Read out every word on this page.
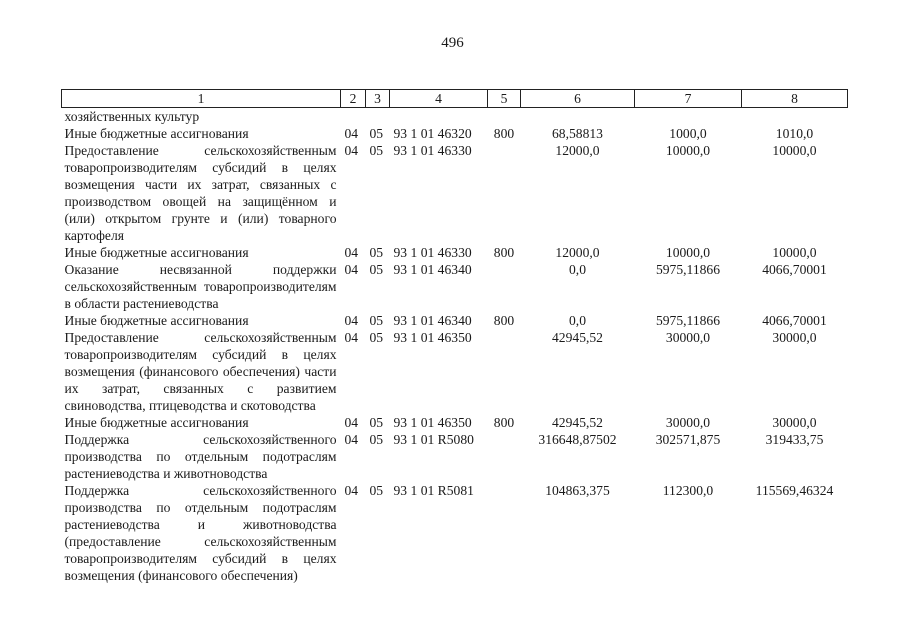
496
1	2	3	4	5	6	7	8
хозяйственных культур							
Иные бюджетные ассигнования	04	05	93 1 01 46320	800	68,58813	1000,0	1010,0
Предоставление сельскохозяйственным товаропроизводителям субсидий в целях возмещения части их затрат, связанных с производством овощей на защищённом и (или) открытом грунте и (или) товарного картофеля	04	05	93 1 01 46330		12000,0	10000,0	10000,0
Иные бюджетные ассигнования	04	05	93 1 01 46330	800	12000,0	10000,0	10000,0
Оказание несвязанной поддержки сельскохозяйственным товаропроизводителям в области растениеводства	04	05	93 1 01 46340		0,0	5975,11866	4066,70001
Иные бюджетные ассигнования	04	05	93 1 01 46340	800	0,0	5975,11866	4066,70001
Предоставление сельскохозяйственным товаропроизводителям субсидий в целях возмещения (финансового обеспечения) части их затрат, связанных с развитием свиноводства, птицеводства и скотоводства	04	05	93 1 01 46350		42945,52	30000,0	30000,0
Иные бюджетные ассигнования	04	05	93 1 01 46350	800	42945,52	30000,0	30000,0
Поддержка сельскохозяйственного производства по отдельным подотраслям растениеводства и животноводства	04	05	93 1 01 R5080		316648,87502	302571,875	319433,75
Поддержка сельскохозяйственного производства по отдельным подотраслям растениеводства и животноводства (предоставление сельскохозяйственным товаропроизводителям субсидий в целях возмещения (финансового обеспечения)	04	05	93 1 01 R5081		104863,375	112300,0	115569,46324
